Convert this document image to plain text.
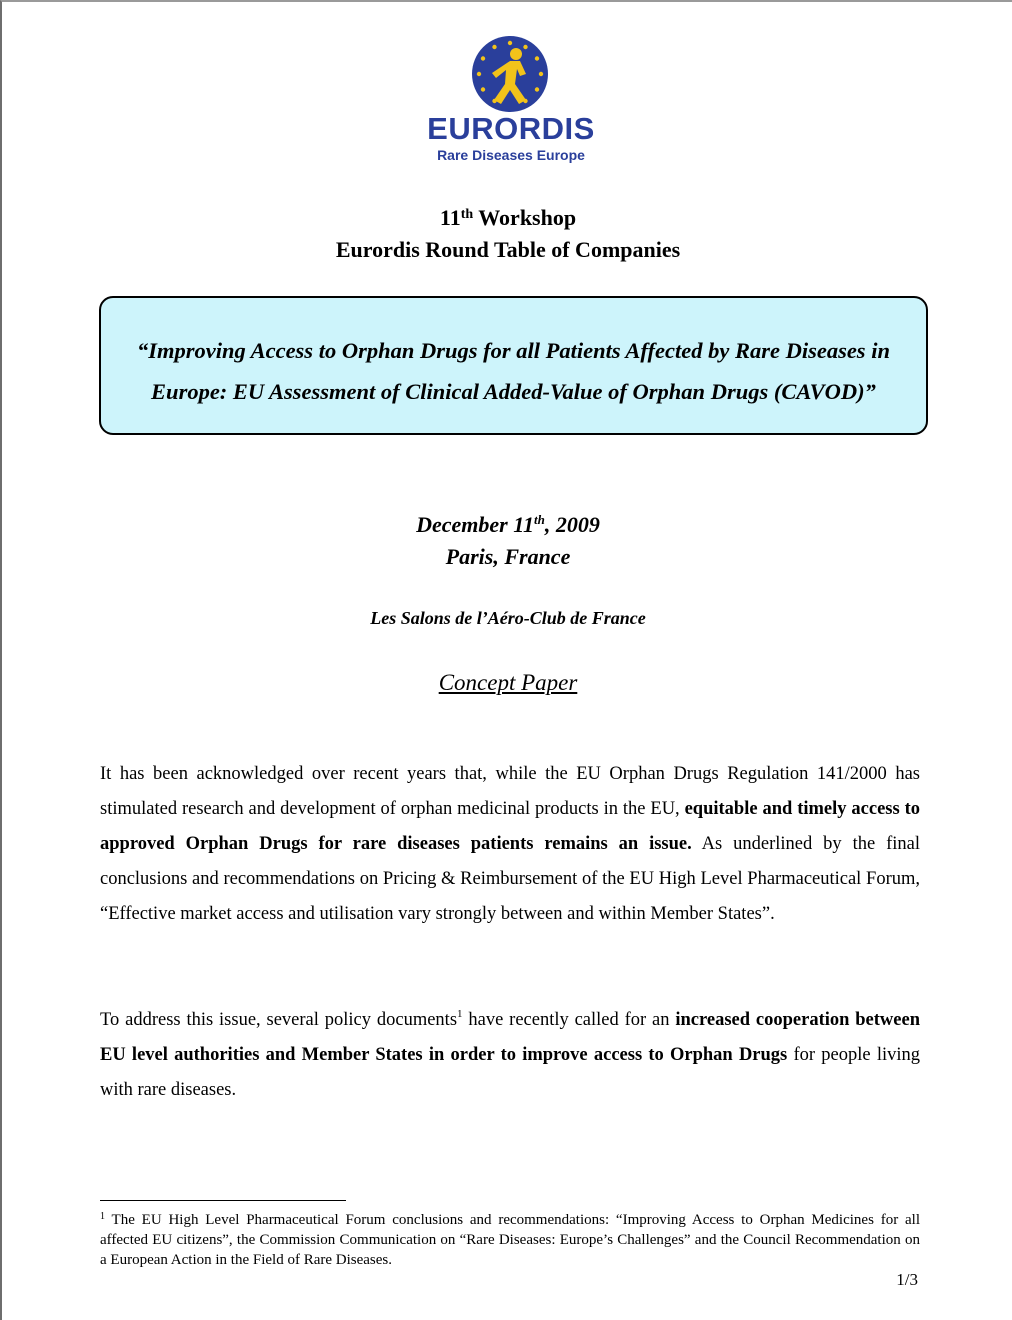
EURORDIS
Rare Diseases Europe
11th Workshop
Eurordis Round Table of Companies
“Improving Access to Orphan Drugs for all Patients Affected by Rare Diseases in
Europe: EU Assessment of Clinical Added-Value of Orphan Drugs (CAVOD)”
December 11th, 2009
Paris, France
Les Salons de l’Aéro-Club de France
Concept Paper
It has been acknowledged over recent years that, while the EU Orphan Drugs Regulation 141/2000 has stimulated research and development of orphan medicinal products in the EU, equitable and timely access to approved Orphan Drugs for rare diseases patients remains an issue. As underlined by the final conclusions and recommendations on Pricing & Reimbursement of the EU High Level Pharmaceutical Forum, “Effective market access and utilisation vary strongly between and within Member States”.
To address this issue, several policy documents$^1$ have recently called for an increased cooperation between EU level authorities and Member States in order to improve access to Orphan Drugs for people living with rare diseases.
$^1$ The EU High Level Pharmaceutical Forum conclusions and recommendations: “Improving Access to Orphan Medicines for all affected EU citizens”, the Commission Communication on “Rare Diseases: Europe’s Challenges” and the Council Recommendation on a European Action in the Field of Rare Diseases.
1/3
